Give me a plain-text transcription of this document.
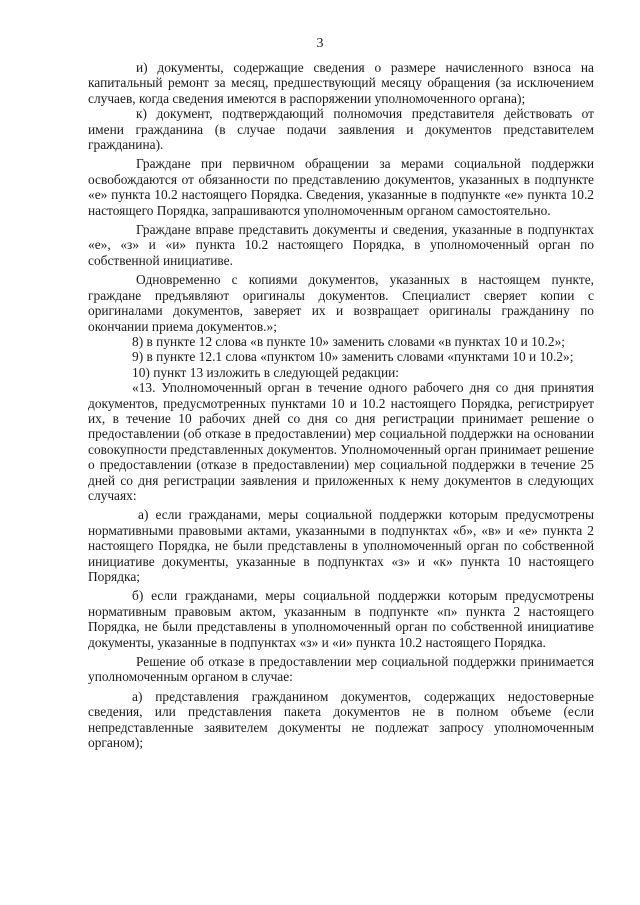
3

и) документы, содержащие сведения о размере начисленного взноса на капитальный ремонт за месяц, предшествующий месяцу обращения (за исключением случаев, когда сведения имеются в распоряжении уполномоченного органа);

к) документ, подтверждающий полномочия представителя действовать от имени гражданина (в случае подачи заявления и документов представителем гражданина).

Граждане при первичном обращении за мерами социальной поддержки освобождаются от обязанности по представлению документов, указанных в подпункте «е» пункта 10.2 настоящего Порядка. Сведения, указанные в подпункте «е» пункта 10.2 настоящего Порядка, запрашиваются уполномоченным органом самостоятельно.

Граждане вправе представить документы и сведения, указанные в подпунктах «е», «з» и «и» пункта 10.2 настоящего Порядка, в уполномоченный орган по собственной инициативе.

Одновременно с копиями документов, указанных в настоящем пункте, граждане предъявляют оригиналы документов. Специалист сверяет копии с оригиналами документов, заверяет их и возвращает оригиналы гражданину по окончании приема документов.»;

8) в пункте 12 слова «в пункте 10» заменить словами «в пунктах 10 и 10.2»;

9) в пункте 12.1 слова «пунктом 10» заменить словами «пунктами 10 и 10.2»;

10) пункт 13 изложить в следующей редакции:

«13. Уполномоченный орган в течение одного рабочего дня со дня принятия документов, предусмотренных пунктами 10 и 10.2 настоящего Порядка, регистрирует их, в течение 10 рабочих дней со дня со дня регистрации принимает решение о предоставлении (об отказе в предоставлении) мер социальной поддержки на основании совокупности представленных документов. Уполномоченный орган принимает решение о предоставлении (отказе в предоставлении) мер социальной поддержки в течение 25 дней со дня регистрации заявления и приложенных к нему документов в следующих случаях:

а) если гражданами, меры социальной поддержки которым предусмотрены нормативными правовыми актами, указанными в подпунктах «б», «в» и «е» пункта 2 настоящего Порядка, не были представлены в уполномоченный орган по собственной инициативе документы, указанные в подпунктах «з» и «к» пункта 10 настоящего Порядка;

б) если гражданами, меры социальной поддержки которым предусмотрены нормативным правовым актом, указанным в подпункте «п» пункта 2 настоящего Порядка, не были представлены в уполномоченный орган по собственной инициативе документы, указанные в подпунктах «з» и «и» пункта 10.2 настоящего Порядка.

Решение об отказе в предоставлении мер социальной поддержки принимается уполномоченным органом в случае:

а) представления гражданином документов, содержащих недостоверные сведения, или представления пакета документов не в полном объеме (если непредставленные заявителем документы не подлежат запросу уполномоченным органом);
